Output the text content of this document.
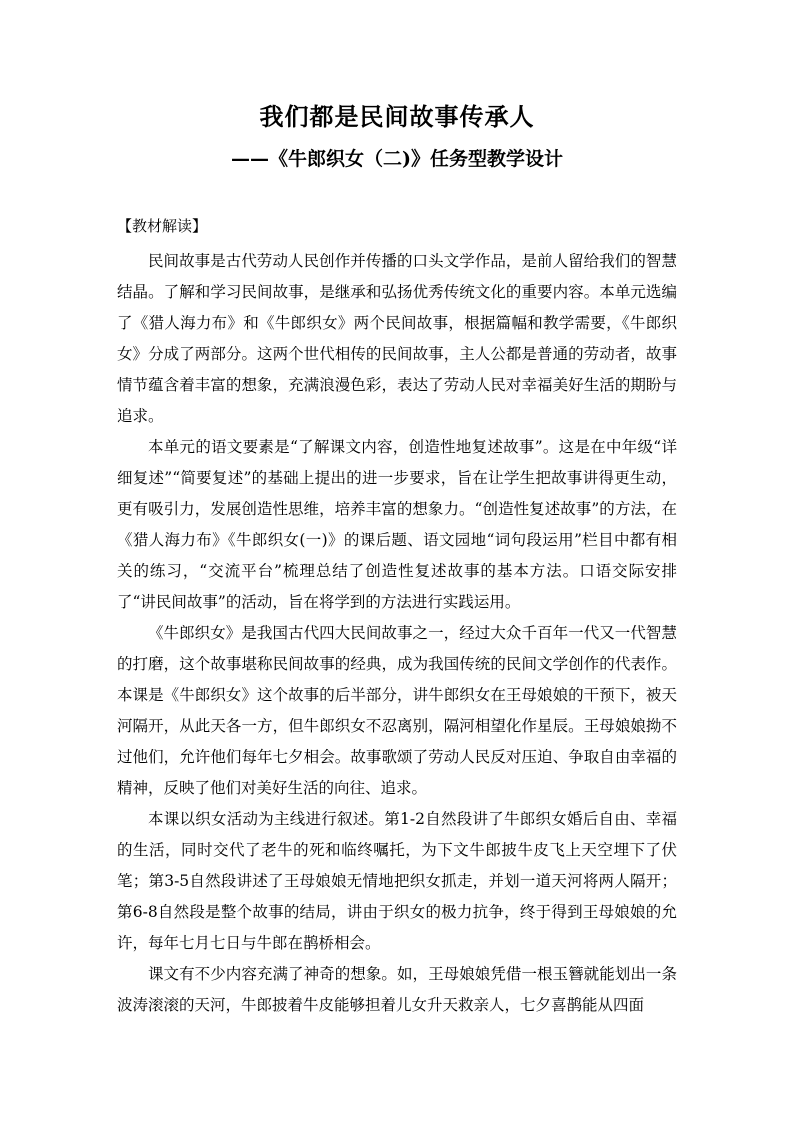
我们都是民间故事传承人
——《牛郎织女（二)》任务型教学设计
【教材解读】

民间故事是古代劳动人民创作并传播的口头文学作品，是前人留给我们的智慧结晶。了解和学习民间故事，是继承和弘扬优秀传统文化的重要内容。本单元选编了《猎人海力布》和《牛郎织女》两个民间故事，根据篇幅和教学需要，《牛郎织女》分成了两部分。这两个世代相传的民间故事，主人公都是普通的劳动者，故事情节蕴含着丰富的想象，充满浪漫色彩，表达了劳动人民对幸福美好生活的期盼与追求。

本单元的语文要素是“了解课文内容，创造性地复述故事”。这是在中年级“详细复述”“简要复述”的基础上提出的进一步要求，旨在让学生把故事讲得更生动，更有吸引力，发展创造性思维，培养丰富的想象力。“创造性复述故事”的方法，在《猎人海力布》《牛郎织女(一)》的课后题、语文园地“词句段运用”栏目中都有相关的练习，“交流平台”梳理总结了创造性复述故事的基本方法。口语交际安排了“讲民间故事”的活动，旨在将学到的方法进行实践运用。

《牛郎织女》是我国古代四大民间故事之一，经过大众千百年一代又一代智慧的打磨，这个故事堪称民间故事的经典，成为我国传统的民间文学创作的代表作。本课是《牛郎织女》这个故事的后半部分，讲牛郎织女在王母娘娘的干预下，被天河隔开，从此天各一方，但牛郎织女不忍离别，隔河相望化作星辰。王母娘娘拗不过他们，允许他们每年七夕相会。故事歌颂了劳动人民反对压迫、争取自由幸福的精神，反映了他们对美好生活的向往、追求。

本课以织女活动为主线进行叙述。第1-2自然段讲了牛郎织女婚后自由、幸福的生活，同时交代了老牛的死和临终嘱托，为下文牛郎披牛皮飞上天空埋下了伏笔；第3-5自然段讲述了王母娘娘无情地把织女抓走，并划一道天河将两人隔开；第6-8自然段是整个故事的结局，讲由于织女的极力抗争，终于得到王母娘娘的允许，每年七月七日与牛郎在鹊桥相会。

课文有不少内容充满了神奇的想象。如，王母娘娘凭借一根玉簪就能划出一条波涛滚滚的天河，牛郎披着牛皮能够担着儿女升天救亲人，七夕喜鹊能从四面
